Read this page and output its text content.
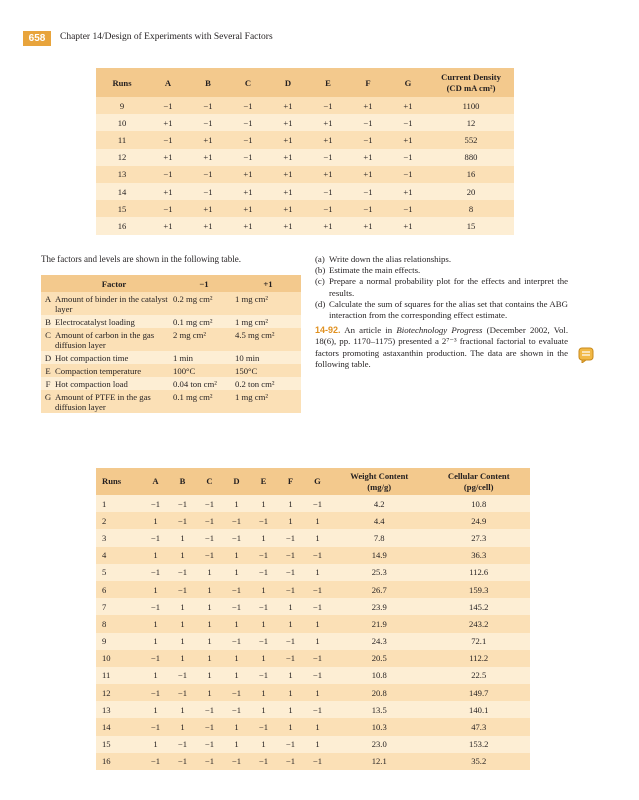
658	Chapter 14/Design of Experiments with Several Factors
Runs	A	B	C	D	E	F	G	Current Density
(CD mA cm²)
9	−1	−1	−1	+1	−1	+1	+1	1100
10	+1	−1	−1	+1	+1	−1	−1	12
11	−1	+1	−1	+1	+1	−1	+1	552
12	+1	+1	−1	+1	−1	+1	−1	880
13	−1	−1	+1	+1	+1	+1	−1	16
14	+1	−1	+1	+1	−1	−1	+1	20
15	−1	+1	+1	+1	−1	−1	−1	8
16	+1	+1	+1	+1	+1	+1	+1	15
The factors and levels are shown in the following table.
	Factor	−1	+1
A	Amount of binder in the catalyst layer	0.2 mg cm²	1 mg cm²
B	Electrocatalyst loading	0.1 mg cm²	1 mg cm²
C	Amount of carbon in the gas diffusion layer	2 mg cm²	4.5 mg cm²
D	Hot compaction time	1 min	10 min
E	Compaction temperature	100°C	150°C
F	Hot compaction load	0.04 ton cm²	0.2 ton cm²
G	Amount of PTFE in the gas diffusion layer	0.1 mg cm²	1 mg cm²
(a) Write down the alias relationships.
(b) Estimate the main effects.
(c) Prepare a normal probability plot for the effects and interpret the results.
(d) Calculate the sum of squares for the alias set that contains the ABG interaction from the corresponding effect estimate.
14-92. An article in Biotechnology Progress (December 2002, Vol. 18(6), pp. 1170–1175) presented a 2⁷⁻³ fractional factorial to evaluate factors promoting astaxanthin production. The data are shown in the following table.
Runs	A	B	C	D	E	F	G	Weight Content
(mg/g)	Cellular Content
(pg/cell)
1	−1	−1	−1	1	1	1	−1	4.2	10.8
2	1	−1	−1	−1	−1	1	1	4.4	24.9
3	−1	1	−1	−1	1	−1	1	7.8	27.3
4	1	1	−1	1	−1	−1	−1	14.9	36.3
5	−1	−1	1	1	−1	−1	1	25.3	112.6
6	1	−1	1	−1	1	−1	−1	26.7	159.3
7	−1	1	1	−1	−1	1	−1	23.9	145.2
8	1	1	1	1	1	1	1	21.9	243.2
9	1	1	1	−1	−1	−1	1	24.3	72.1
10	−1	1	1	1	1	−1	−1	20.5	112.2
11	1	−1	1	1	−1	1	−1	10.8	22.5
12	−1	−1	1	−1	1	1	1	20.8	149.7
13	1	1	−1	−1	1	1	−1	13.5	140.1
14	−1	1	−1	1	−1	1	1	10.3	47.3
15	1	−1	−1	1	1	−1	1	23.0	153.2
16	−1	−1	−1	−1	−1	−1	−1	12.1	35.2
